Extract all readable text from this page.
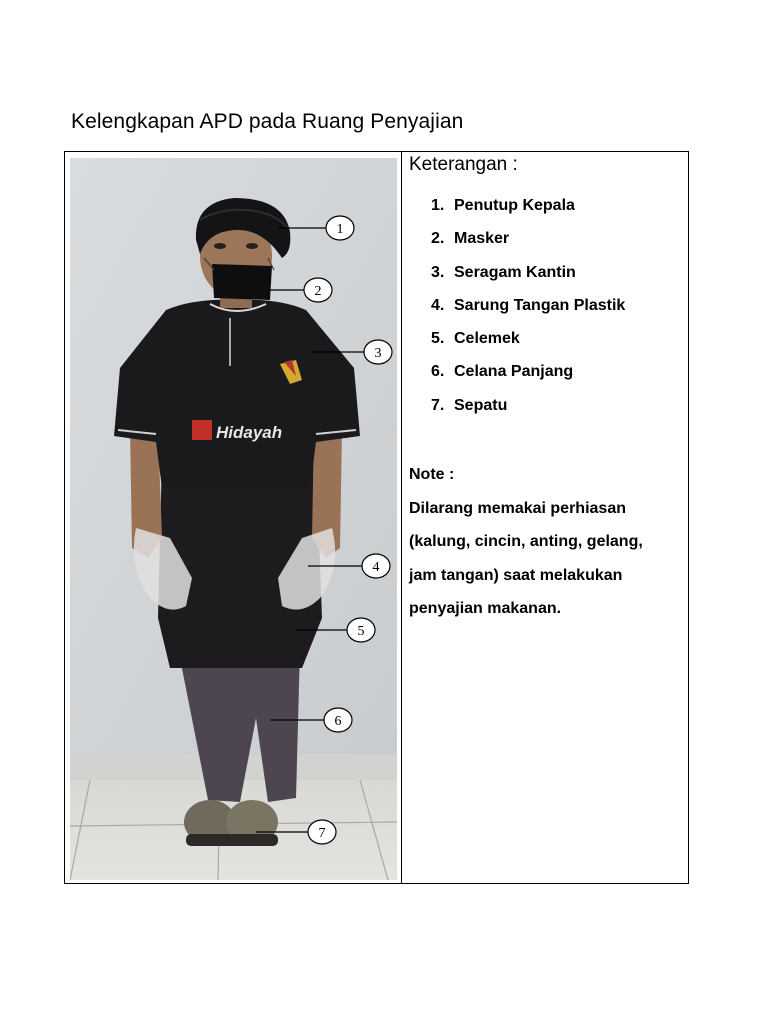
Kelengkapan APD pada Ruang Penyajian
Hidayah
1
2
3
4
5
6
7
Keterangan :
1. Penutup Kepala
2. Masker
3. Seragam Kantin
4. Sarung Tangan Plastik
5. Celemek
6. Celana Panjang
7. Sepatu
Note :
Dilarang memakai perhiasan
(kalung, cincin, anting, gelang,
jam tangan) saat melakukan
penyajian makanan.
